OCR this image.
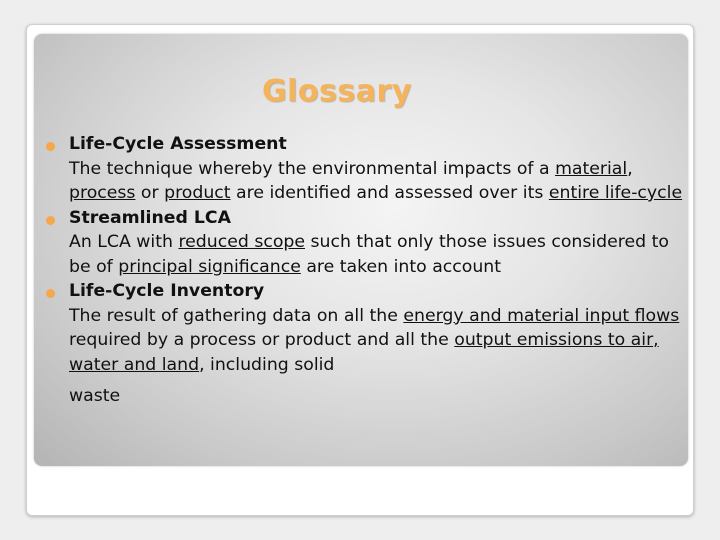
Glossary
Life-Cycle Assessment
The technique whereby the environmental impacts of a material, process or product are identified and assessed over its entire life-cycle
Streamlined LCA
An LCA with reduced scope such that only those issues considered to be of principal significance are taken into account
Life-Cycle Inventory
The result of gathering data on all the energy and material input flows required by a process or product and all the output emissions to air, water and land, including solid
waste
